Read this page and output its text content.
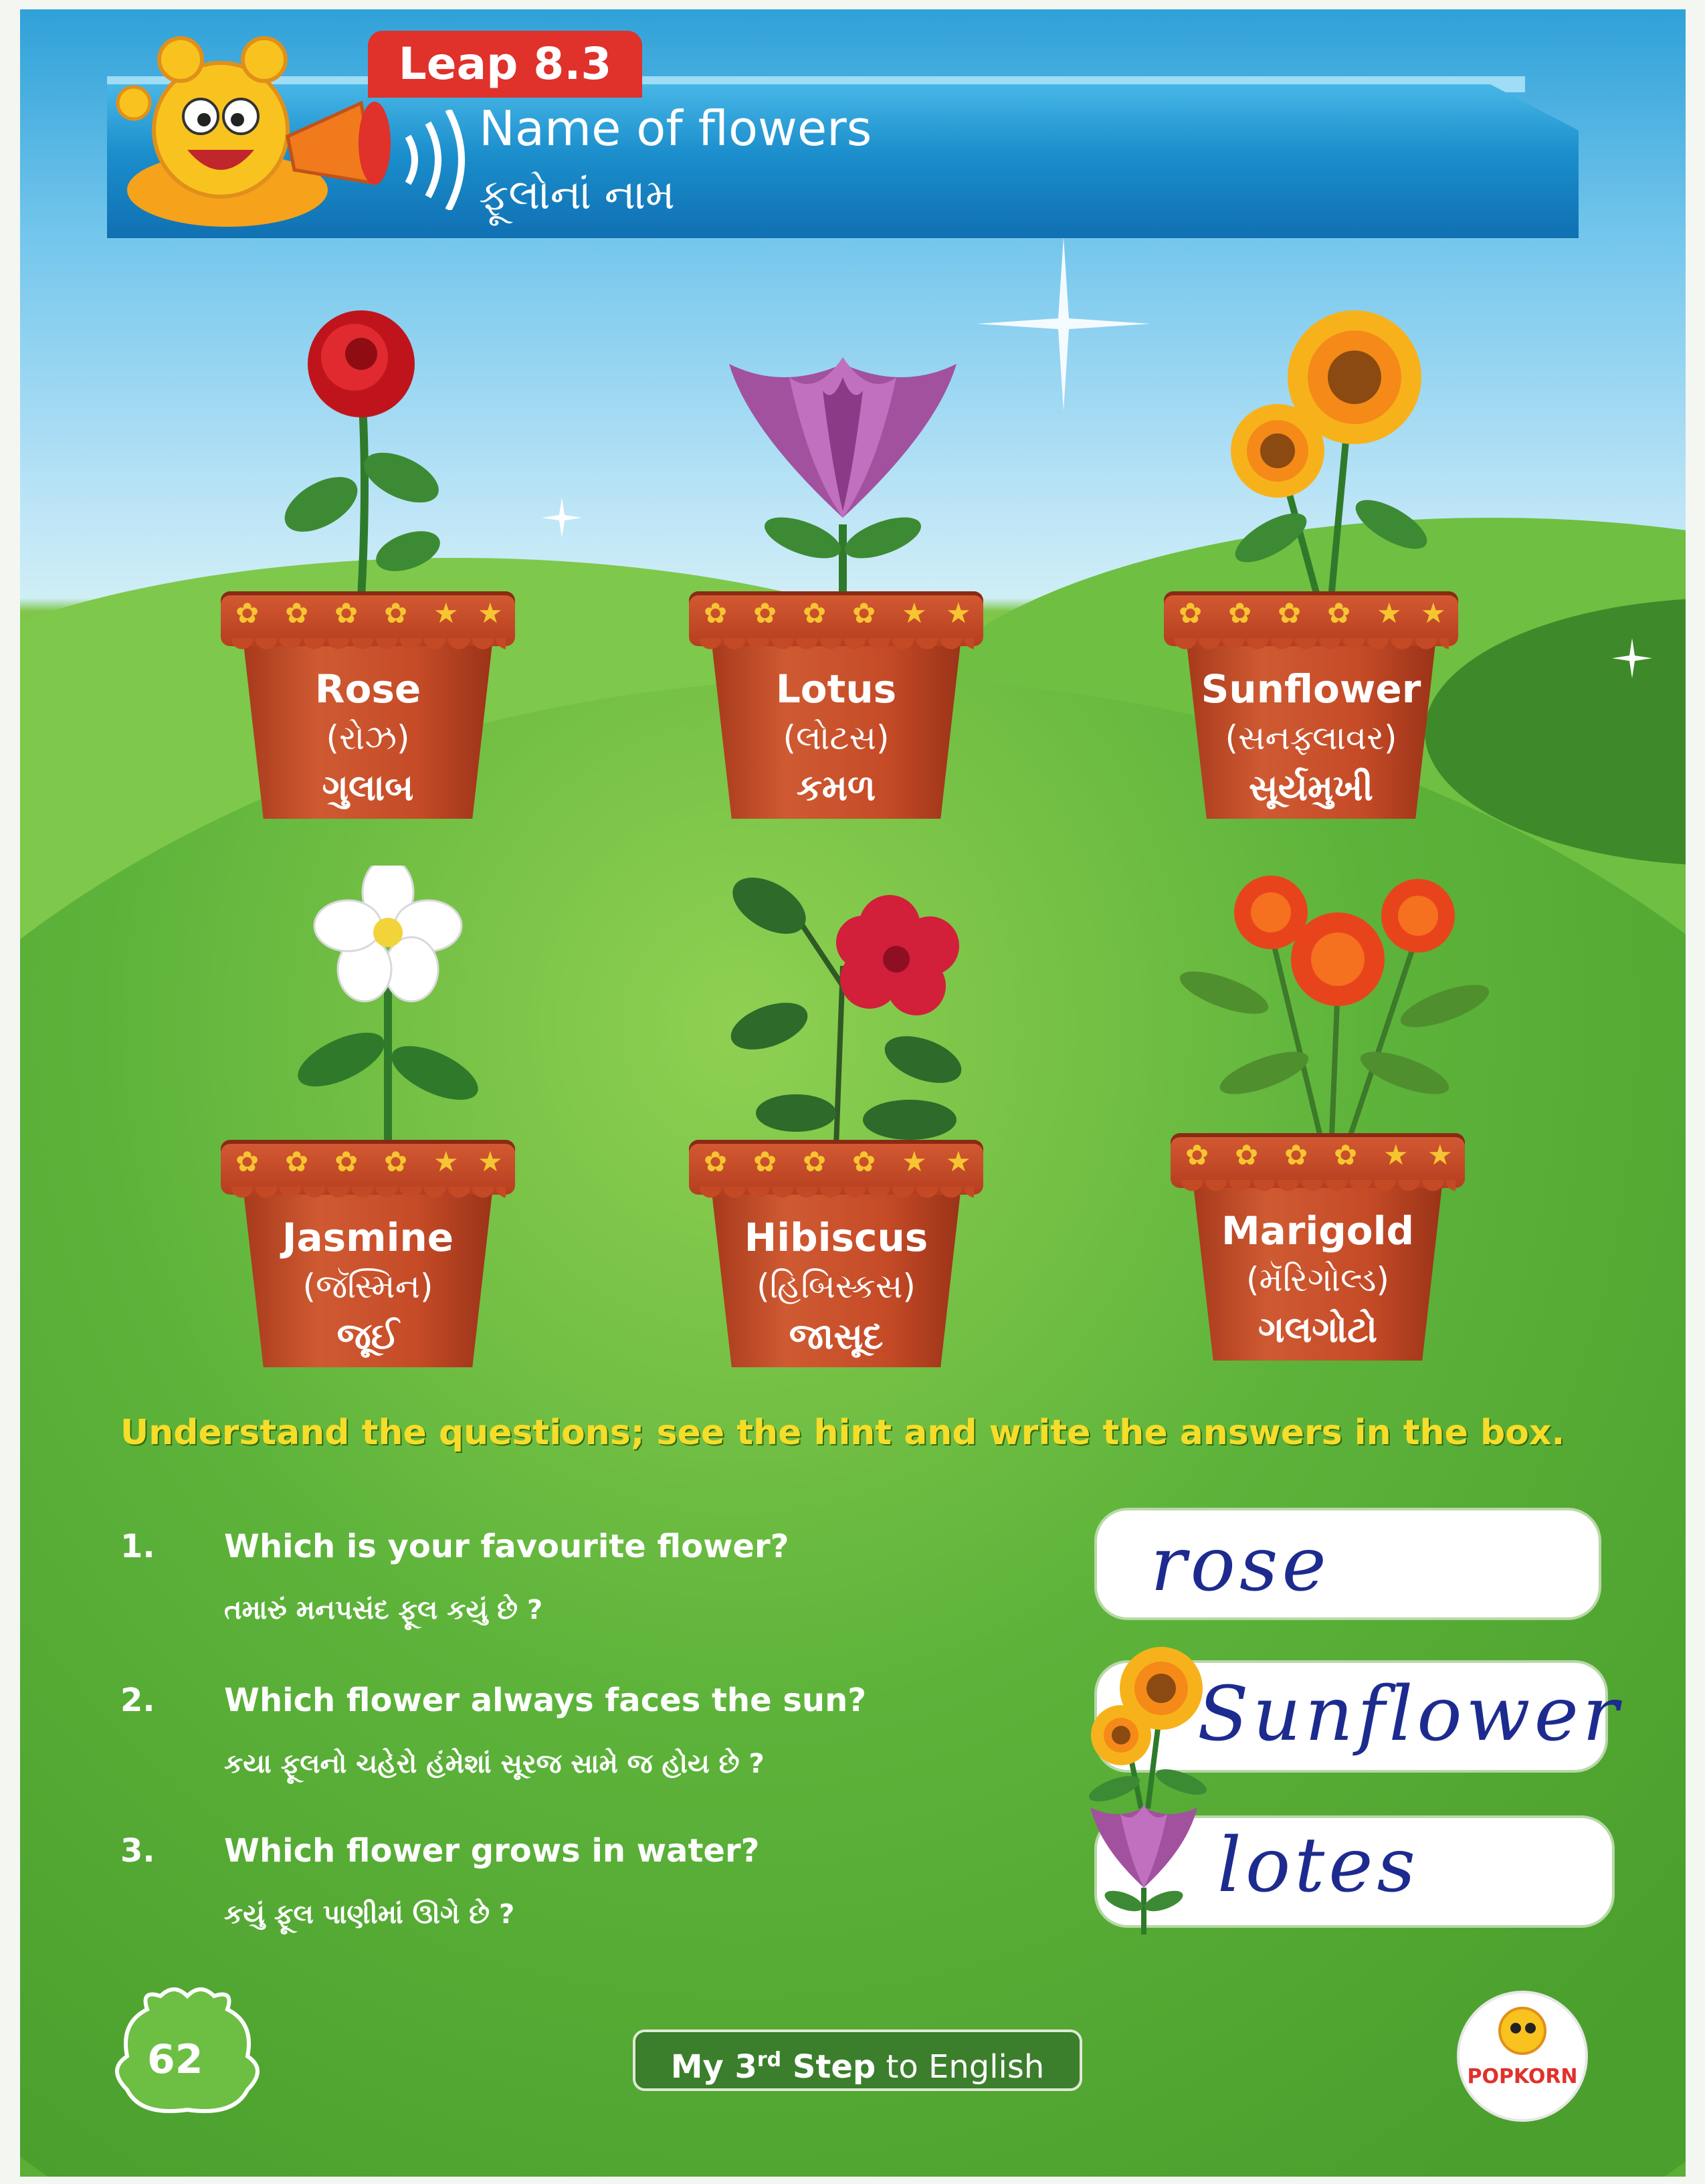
Leap 8.3
Name of flowers
ફૂલોનાં નામ
✿ ✿ ✿ ✿ ★ ★
Rose
(રોઝ)
ગુલાબ
✿ ✿ ✿ ✿ ★ ★
Lotus
(લોટસ)
કમળ
✿ ✿ ✿ ✿ ★ ★
Sunflower
(સનફ્લાવર)
સૂર્યમુખી
✿ ✿ ✿ ✿ ★ ★
Jasmine
(જૅસ્મિન)
જૂઈ
✿ ✿ ✿ ✿ ★ ★
Hibiscus
(હિબિસ્કસ)
જાસૂદ
✿ ✿ ✿ ✿ ★ ★
Marigold
(મૅરિગોલ્ડ)
ગલગોટો
Understand the questions; see the hint and write the answers in the box.
1. Which is your favourite flower?
તમારું મનપસંદ ફૂલ કયું છે ?
rose
2. Which flower always faces the sun?
કયા ફૂલનો ચહેરો હંમેશાં સૂરજ સામે જ હોય છે ?
Sunflower
3. Which flower grows in water?
કયું ફૂલ પાણીમાં ઊગે છે ?
lotes
62	My 3rd Step to English	POPKORN
